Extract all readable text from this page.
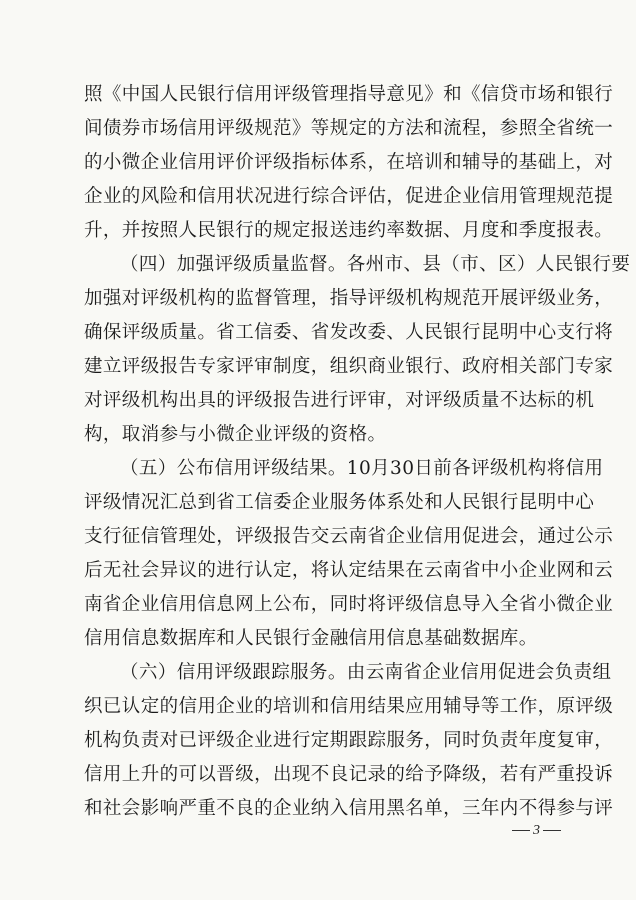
照《中国人民银行信用评级管理指导意见》和《信贷市场和银行
间债券市场信用评级规范》等规定的方法和流程，参照全省统一
的小微企业信用评价评级指标体系，在培训和辅导的基础上，对
企业的风险和信用状况进行综合评估，促进企业信用管理规范提
升，并按照人民银行的规定报送违约率数据、月度和季度报表。
（四）加强评级质量监督。各州市、县（市、区）人民银行要
加强对评级机构的监督管理，指导评级机构规范开展评级业务，
确保评级质量。省工信委、省发改委、人民银行昆明中心支行将
建立评级报告专家评审制度，组织商业银行、政府相关部门专家
对评级机构出具的评级报告进行评审，对评级质量不达标的机
构，取消参与小微企业评级的资格。
（五）公布信用评级结果。10月30日前各评级机构将信用
评级情况汇总到省工信委企业服务体系处和人民银行昆明中心
支行征信管理处，评级报告交云南省企业信用促进会，通过公示
后无社会异议的进行认定，将认定结果在云南省中小企业网和云
南省企业信用信息网上公布，同时将评级信息导入全省小微企业
信用信息数据库和人民银行金融信用信息基础数据库。
（六）信用评级跟踪服务。由云南省企业信用促进会负责组
织已认定的信用企业的培训和信用结果应用辅导等工作，原评级
机构负责对已评级企业进行定期跟踪服务，同时负责年度复审，
信用上升的可以晋级，出现不良记录的给予降级，若有严重投诉
和社会影响严重不良的企业纳入信用黑名单，三年内不得参与评
3
